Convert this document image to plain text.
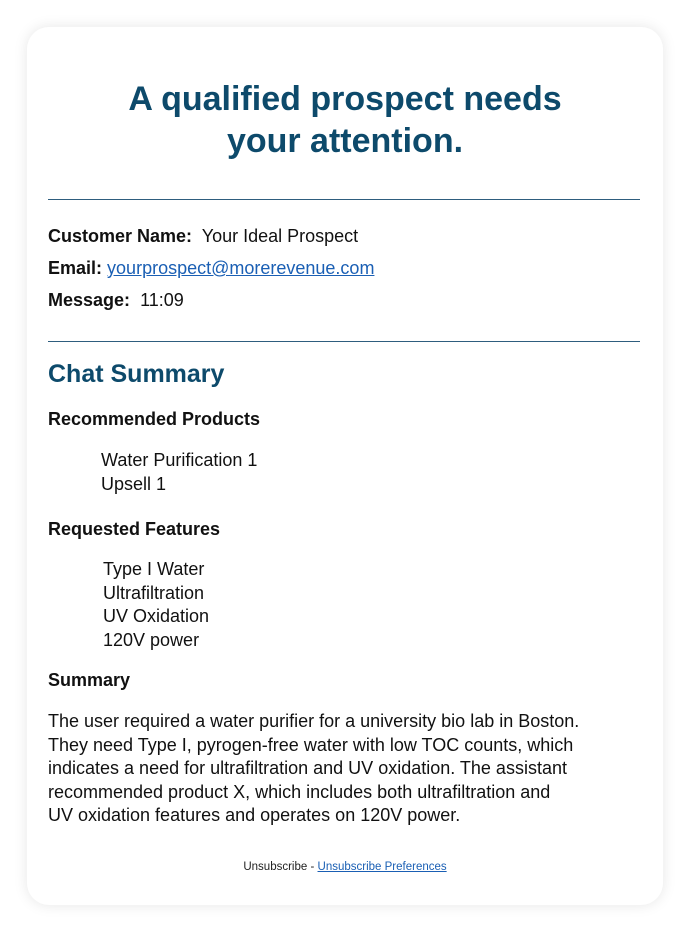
A qualified prospect needs
your attention.
Customer Name: Your Ideal Prospect
Email: yourprospect@morerevenue.com
Message: 11:09
Chat Summary
Recommended Products
Water Purification 1
Upsell 1
Requested Features
Type I Water
Ultrafiltration
UV Oxidation
120V power
Summary
The user required a water purifier for a university bio lab in Boston.
They need Type I, pyrogen-free water with low TOC counts, which
indicates a need for ultrafiltration and UV oxidation. The assistant
recommended product X, which includes both ultrafiltration and
UV oxidation features and operates on 120V power.
Unsubscribe - Unsubscribe Preferences
